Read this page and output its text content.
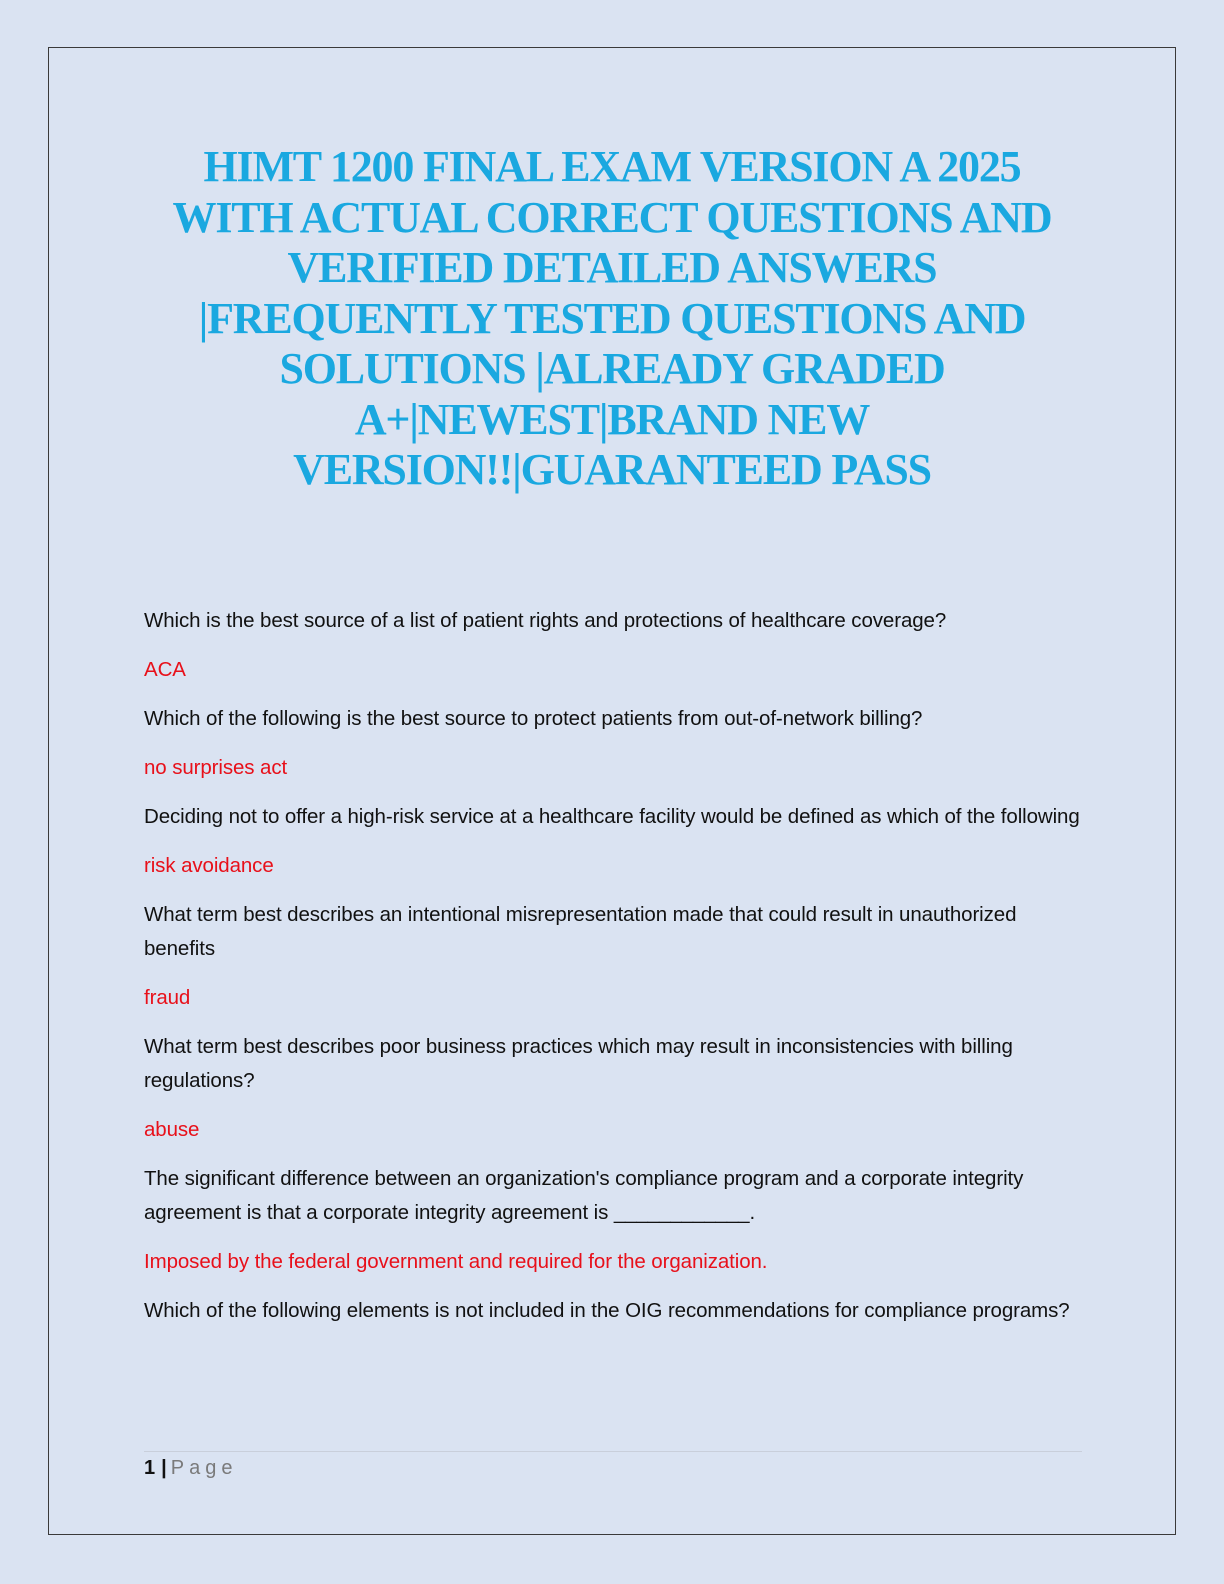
HIMT 1200 FINAL EXAM VERSION A 2025
WITH ACTUAL CORRECT QUESTIONS AND
VERIFIED DETAILED ANSWERS
|FREQUENTLY TESTED QUESTIONS AND
SOLUTIONS |ALREADY GRADED
A+|NEWEST|BRAND NEW
VERSION!!|GUARANTEED PASS

Which is the best source of a list of patient rights and protections of healthcare coverage?

ACA

Which of the following is the best source to protect patients from out-of-network billing?

no surprises act

Deciding not to offer a high-risk service at a healthcare facility would be defined as which of the following

risk avoidance

What term best describes an intentional misrepresentation made that could result in unauthorized benefits

fraud

What term best describes poor business practices which may result in inconsistencies with billing regulations?

abuse

The significant difference between an organization's compliance program and a corporate integrity agreement is that a corporate integrity agreement is ____________.

Imposed by the federal government and required for the organization.

Which of the following elements is not included in the OIG recommendations for compliance programs?

1 | Page
